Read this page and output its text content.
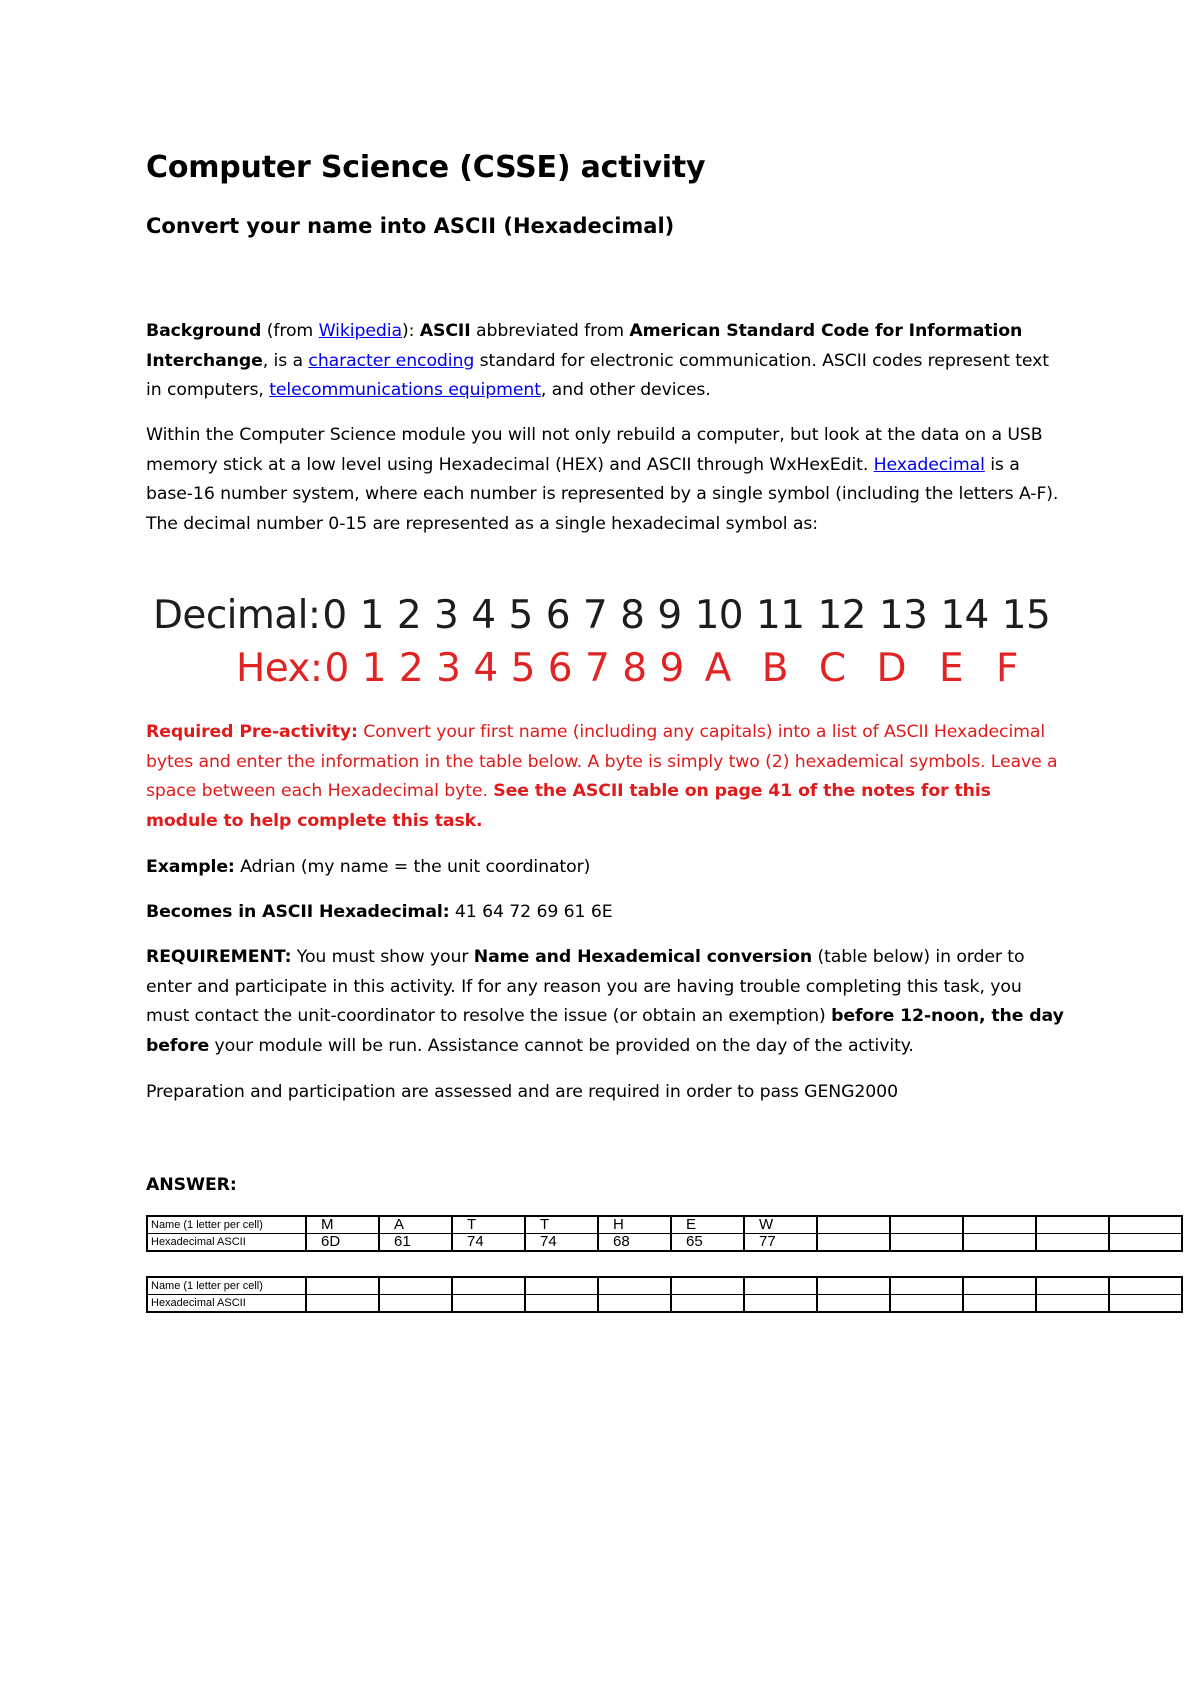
Computer Science (CSSE) activity
Convert your name into ASCII (Hexadecimal)

Background (from Wikipedia): ASCII abbreviated from American Standard Code for Information Interchange, is a character encoding standard for electronic communication. ASCII codes represent text in computers, telecommunications equipment, and other devices.

Within the Computer Science module you will not only rebuild a computer, but look at the data on a USB memory stick at a low level using Hexadecimal (HEX) and ASCII through WxHexEdit. Hexadecimal is a base-16 number system, where each number is represented by a single symbol (including the letters A-F). The decimal number 0-15 are represented as a single hexadecimal symbol as:

Decimal: 0 1 2 3 4 5 6 7 8 9 10 11 12 13 14 15
Hex: 0 1 2 3 4 5 6 7 8 9 A B C D E F

Required Pre-activity: Convert your first name (including any capitals) into a list of ASCII Hexadecimal bytes and enter the information in the table below. A byte is simply two (2) hexademical symbols. Leave a space between each Hexadecimal byte. See the ASCII table on page 41 of the notes for this module to help complete this task.

Example: Adrian (my name = the unit coordinator)

Becomes in ASCII Hexadecimal: 41 64 72 69 61 6E

REQUIREMENT: You must show your Name and Hexademical conversion (table below) in order to enter and participate in this activity. If for any reason you are having trouble completing this task, you must contact the unit-coordinator to resolve the issue (or obtain an exemption) before 12-noon, the day before your module will be run. Assistance cannot be provided on the day of the activity.

Preparation and participation are assessed and are required in order to pass GENG2000

ANSWER:

Name (1 letter per cell)	M	A	T	T	H	E	W					
Hexadecimal ASCII	6D	61	74	74	68	65	77					
Name (1 letter per cell)												
Hexadecimal ASCII												
